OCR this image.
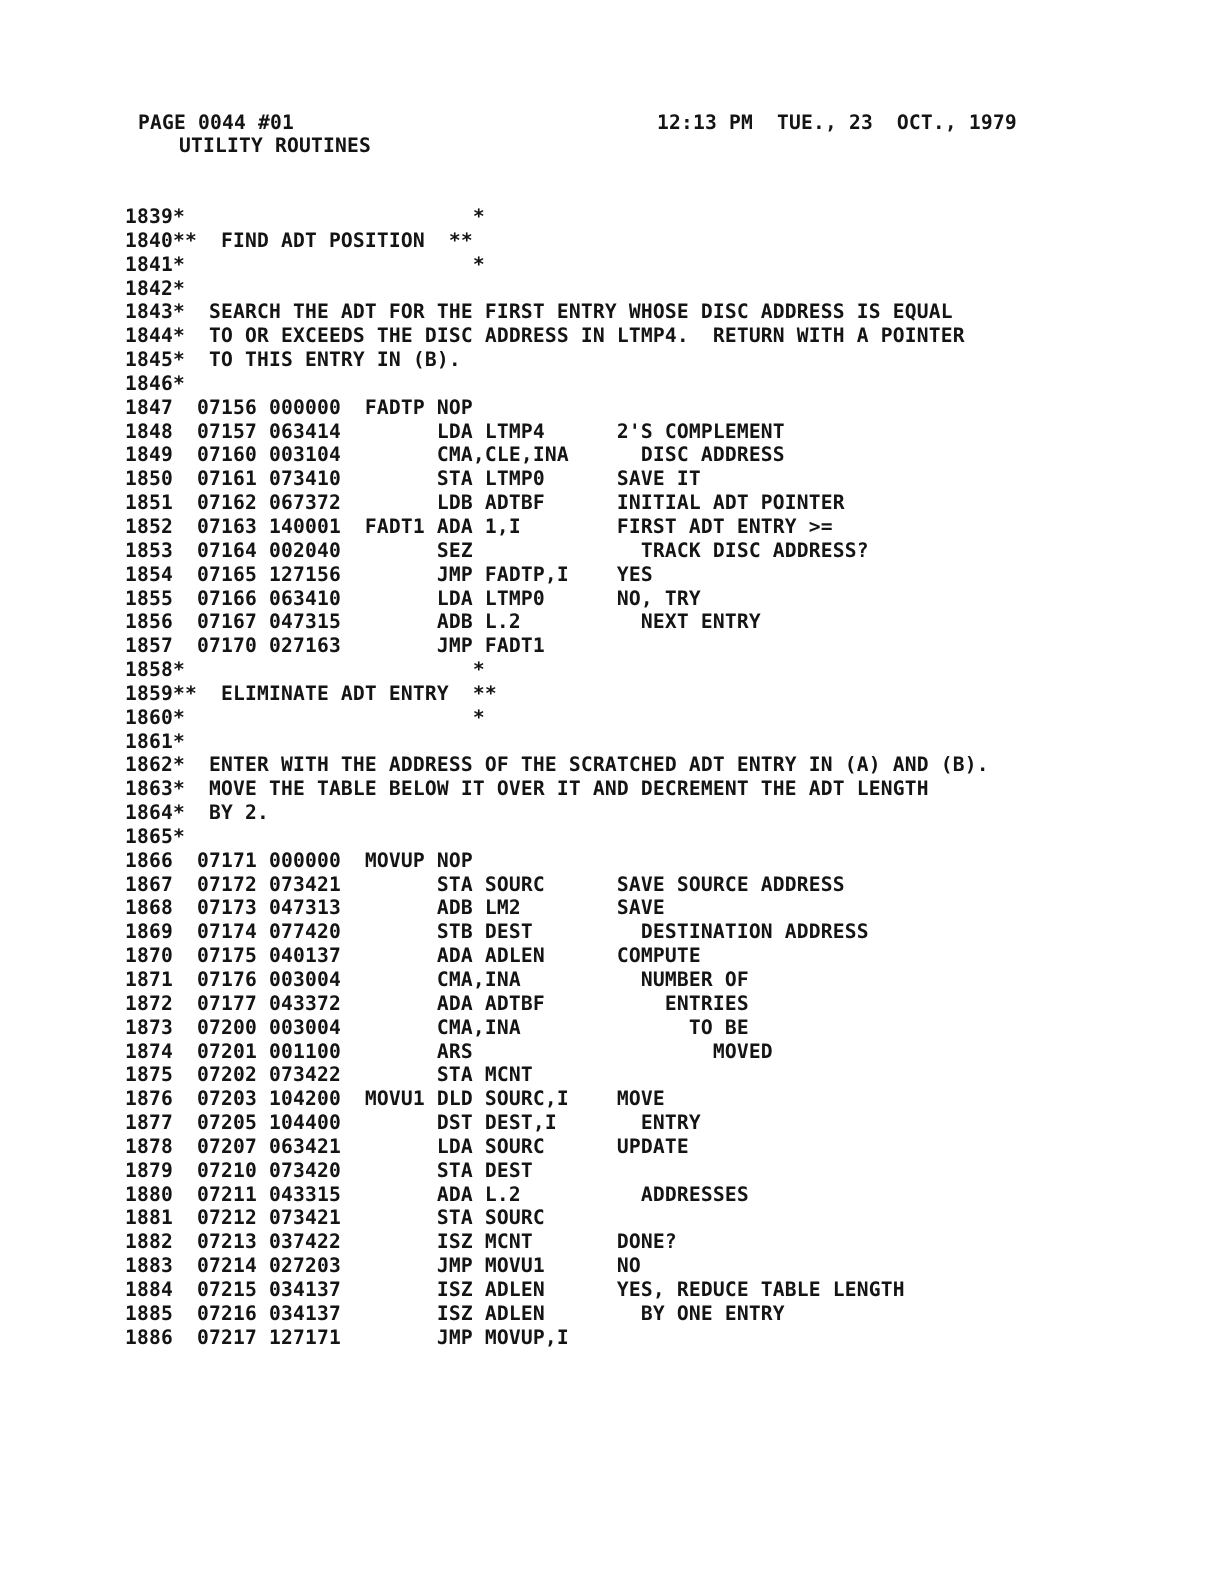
PAGE 0044 #01	12:13 PM  TUE., 23  OCT., 1979
UTILITY ROUTINES
1839*                        *
1840**  FIND ADT POSITION  **
1841*                        *
1842*
1843*  SEARCH THE ADT FOR THE FIRST ENTRY WHOSE DISC ADDRESS IS EQUAL
1844*  TO OR EXCEEDS THE DISC ADDRESS IN LTMP4.  RETURN WITH A POINTER
1845*  TO THIS ENTRY IN (B).
1846*
1847  07156 000000  FADTP NOP
1848  07157 063414        LDA LTMP4      2'S COMPLEMENT
1849  07160 003104        CMA,CLE,INA      DISC ADDRESS
1850  07161 073410        STA LTMP0      SAVE IT
1851  07162 067372        LDB ADTBF      INITIAL ADT POINTER
1852  07163 140001  FADT1 ADA 1,I        FIRST ADT ENTRY >=
1853  07164 002040        SEZ              TRACK DISC ADDRESS?
1854  07165 127156        JMP FADTP,I    YES
1855  07166 063410        LDA LTMP0      NO, TRY
1856  07167 047315        ADB L.2          NEXT ENTRY
1857  07170 027163        JMP FADT1
1858*                        *
1859**  ELIMINATE ADT ENTRY  **
1860*                        *
1861*
1862*  ENTER WITH THE ADDRESS OF THE SCRATCHED ADT ENTRY IN (A) AND (B).
1863*  MOVE THE TABLE BELOW IT OVER IT AND DECREMENT THE ADT LENGTH
1864*  BY 2.
1865*
1866  07171 000000  MOVUP NOP
1867  07172 073421        STA SOURC      SAVE SOURCE ADDRESS
1868  07173 047313        ADB LM2        SAVE
1869  07174 077420        STB DEST         DESTINATION ADDRESS
1870  07175 040137        ADA ADLEN      COMPUTE
1871  07176 003004        CMA,INA          NUMBER OF
1872  07177 043372        ADA ADTBF          ENTRIES
1873  07200 003004        CMA,INA              TO BE
1874  07201 001100        ARS                    MOVED
1875  07202 073422        STA MCNT
1876  07203 104200  MOVU1 DLD SOURC,I    MOVE
1877  07205 104400        DST DEST,I       ENTRY
1878  07207 063421        LDA SOURC      UPDATE
1879  07210 073420        STA DEST
1880  07211 043315        ADA L.2          ADDRESSES
1881  07212 073421        STA SOURC
1882  07213 037422        ISZ MCNT       DONE?
1883  07214 027203        JMP MOVU1      NO
1884  07215 034137        ISZ ADLEN      YES, REDUCE TABLE LENGTH
1885  07216 034137        ISZ ADLEN        BY ONE ENTRY
1886  07217 127171        JMP MOVUP,I
